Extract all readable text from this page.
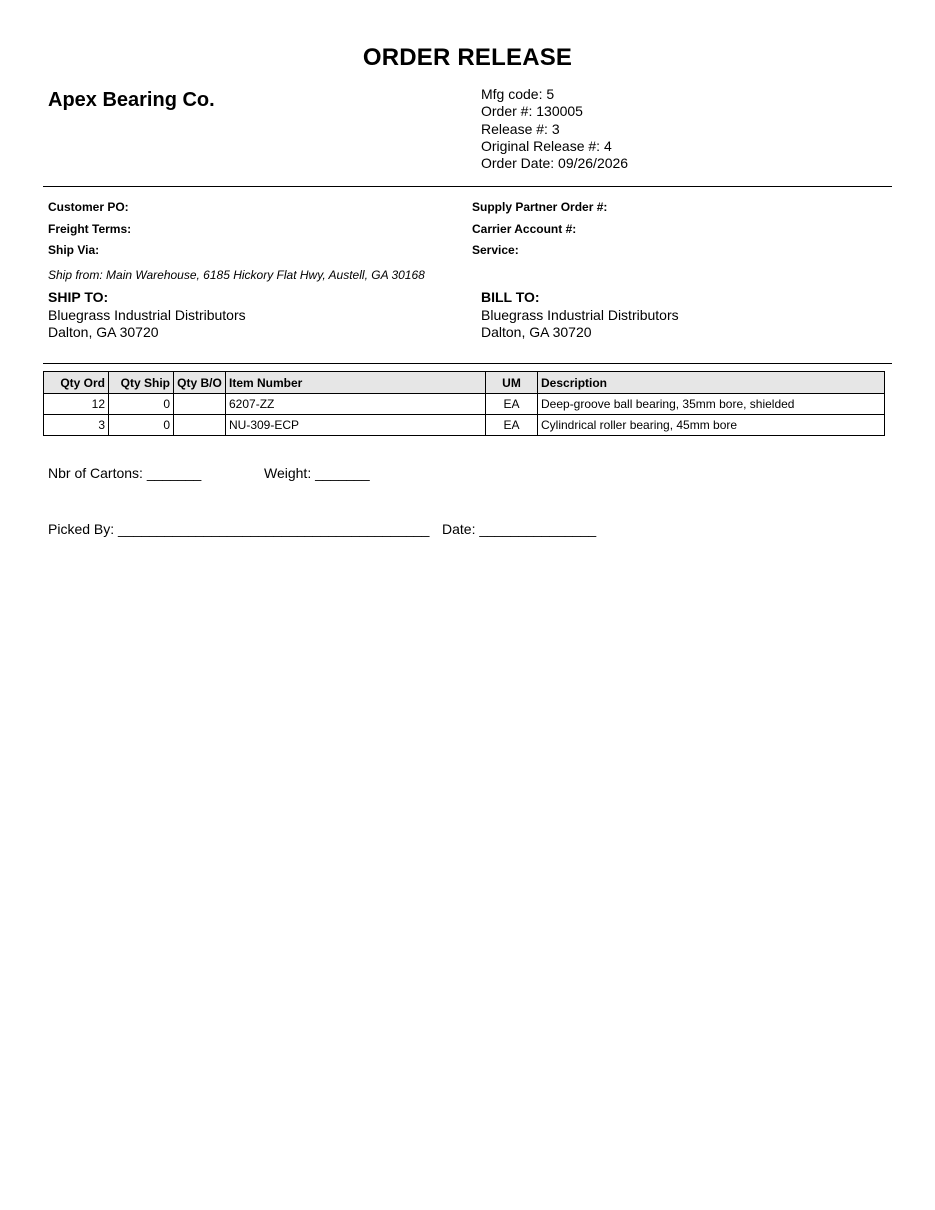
ORDER RELEASE
Apex Bearing Co.	Mfg code: 5
Order #: 130005
Release #: 3
Original Release #: 4
Order Date: 09/26/2026
Customer PO:
Freight Terms:
Ship Via:
Supply Partner Order #:
Carrier Account #:
Service:
Ship from: Main Warehouse, 6185 Hickory Flat Hwy, Austell, GA 30168
SHIP TO:
Bluegrass Industrial Distributors
Dalton, GA 30720
BILL TO:
Bluegrass Industrial Distributors
Dalton, GA 30720
Qty Ord	Qty Ship	Qty B/O	Item Number	UM	Description
12	0		6207-ZZ	EA	Deep-groove ball bearing, 35mm bore, shielded
3	0		NU-309-ECP	EA	Cylindrical roller bearing, 45mm bore
Nbr of Cartons: _______	Weight: _______
Picked By: ________________________________________ Date: _______________
